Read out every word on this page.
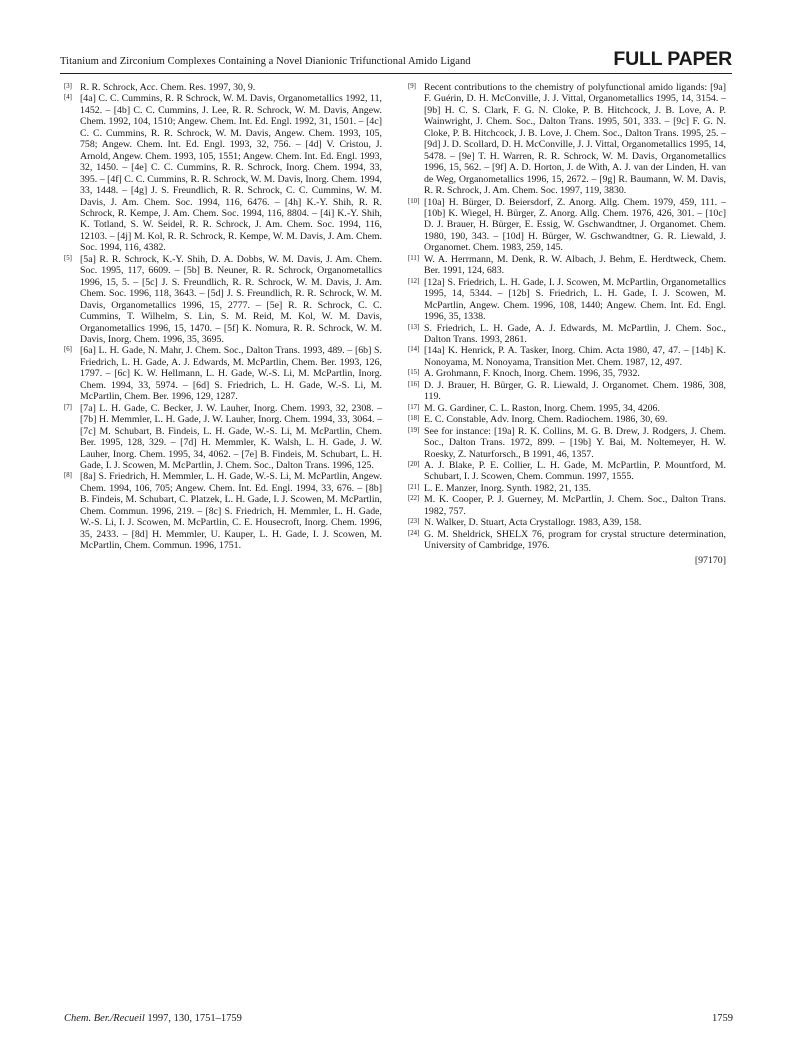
Titanium and Zirconium Complexes Containing a Novel Dianionic Trifunctional Amido Ligand	FULL PAPER

[3] R. R. Schrock, Acc. Chem. Res. 1997, 30, 9.

[4] [4a] C. C. Cummins, R. R Schrock, W. M. Davis, Organometallics 1992, 11, 1452. – [4b] C. C. Cummins, J. Lee, R. R. Schrock, W. M. Davis, Angew. Chem. 1992, 104, 1510; Angew. Chem. Int. Ed. Engl. 1992, 31, 1501. – [4c] C. C. Cummins, R. R. Schrock, W. M. Davis, Angew. Chem. 1993, 105, 758; Angew. Chem. Int. Ed. Engl. 1993, 32, 756. – [4d] V. Cristou, J. Arnold, Angew. Chem. 1993, 105, 1551; Angew. Chem. Int. Ed. Engl. 1993, 32, 1450. – [4e] C. C. Cummins, R. R. Schrock, Inorg. Chem. 1994, 33, 395. – [4f] C. C. Cummins, R. R. Schrock, W. M. Davis, Inorg. Chem. 1994, 33, 1448. – [4g] J. S. Freundlich, R. R. Schrock, C. C. Cummins, W. M. Davis, J. Am. Chem. Soc. 1994, 116, 6476. – [4h] K.-Y. Shih, R. R. Schrock, R. Kempe, J. Am. Chem. Soc. 1994, 116, 8804. – [4i] K.-Y. Shih, K. Totland, S. W. Seidel, R. R. Schrock, J. Am. Chem. Soc. 1994, 116, 12103. – [4j] M. Kol, R. R. Schrock, R. Kempe, W. M. Davis, J. Am. Chem. Soc. 1994, 116, 4382.

[5] [5a] R. R. Schrock, K.-Y. Shih, D. A. Dobbs, W. M. Davis, J. Am. Chem. Soc. 1995, 117, 6609. – [5b] B. Neuner, R. R. Schrock, Organometallics 1996, 15, 5. – [5c] J. S. Freundlich, R. R. Schrock, W. M. Davis, J. Am. Chem. Soc. 1996, 118, 3643. – [5d] J. S. Freundlich, R. R. Schrock, W. M. Davis, Organometallics 1996, 15, 2777. – [5e] R. R. Schrock, C. C. Cummins, T. Wilhelm, S. Lin, S. M. Reid, M. Kol, W. M. Davis, Organometallics 1996, 15, 1470. – [5f] K. Nomura, R. R. Schrock, W. M. Davis, Inorg. Chem. 1996, 35, 3695.

[6] [6a] L. H. Gade, N. Mahr, J. Chem. Soc., Dalton Trans. 1993, 489. – [6b] S. Friedrich, L. H. Gade, A. J. Edwards, M. McPartlin, Chem. Ber. 1993, 126, 1797. – [6c] K. W. Hellmann, L. H. Gade, W.-S. Li, M. McPartlin, Inorg. Chem. 1994, 33, 5974. – [6d] S. Friedrich, L. H. Gade, W.-S. Li, M. McPartlin, Chem. Ber. 1996, 129, 1287.

[7] [7a] L. H. Gade, C. Becker, J. W. Lauher, Inorg. Chem. 1993, 32, 2308. – [7b] H. Memmler, L. H. Gade, J. W. Lauher, Inorg. Chem. 1994, 33, 3064. – [7c] M. Schubart, B. Findeis, L. H. Gade, W.-S. Li, M. McPartlin, Chem. Ber. 1995, 128, 329. – [7d] H. Memmler, K. Walsh, L. H. Gade, J. W. Lauher, Inorg. Chem. 1995, 34, 4062. – [7e] B. Findeis, M. Schubart, L. H. Gade, I. J. Scowen, M. McPartlin, J. Chem. Soc., Dalton Trans. 1996, 125.

[8] [8a] S. Friedrich, H. Memmler, L. H. Gade, W.-S. Li, M. McPartlin, Angew. Chem. 1994, 106, 705; Angew. Chem. Int. Ed. Engl. 1994, 33, 676. – [8b] B. Findeis, M. Schubart, C. Platzek, L. H. Gade, I. J. Scowen, M. McPartlin, Chem. Commun. 1996, 219. – [8c] S. Friedrich, H. Memmler, L. H. Gade, W.-S. Li, I. J. Scowen, M. McPartlin, C. E. Housecroft, Inorg. Chem. 1996, 35, 2433. – [8d] H. Memmler, U. Kauper, L. H. Gade, I. J. Scowen, M. McPartlin, Chem. Commun. 1996, 1751.

[9] Recent contributions to the chemistry of polyfunctional amido ligands: [9a] F. Guérin, D. H. McConville, J. J. Vittal, Organometallics 1995, 14, 3154. – [9b] H. C. S. Clark, F. G. N. Cloke, P. B. Hitchcock, J. B. Love, A. P. Wainwright, J. Chem. Soc., Dalton Trans. 1995, 501, 333. – [9c] F. G. N. Cloke, P. B. Hitchcock, J. B. Love, J. Chem. Soc., Dalton Trans. 1995, 25. – [9d] J. D. Scollard, D. H. McConville, J. J. Vittal, Organometallics 1995, 14, 5478. – [9e] T. H. Warren, R. R. Schrock, W. M. Davis, Organometallics 1996, 15, 562. – [9f] A. D. Horton, J. de With, A. J. van der Linden, H. van de Weg, Organometallics 1996, 15, 2672. – [9g] R. Baumann, W. M. Davis, R. R. Schrock, J. Am. Chem. Soc. 1997, 119, 3830.

[10] [10a] H. Bürger, D. Beiersdorf, Z. Anorg. Allg. Chem. 1979, 459, 111. – [10b] K. Wiegel, H. Bürger, Z. Anorg. Allg. Chem. 1976, 426, 301. – [10c] D. J. Brauer, H. Bürger, E. Essig, W. Gschwandtner, J. Organomet. Chem. 1980, 190, 343. – [10d] H. Bürger, W. Gschwandtner, G. R. Liewald, J. Organomet. Chem. 1983, 259, 145.

[11] W. A. Herrmann, M. Denk, R. W. Albach, J. Behm, E. Herdtweck, Chem. Ber. 1991, 124, 683.

[12] [12a] S. Friedrich, L. H. Gade, I. J. Scowen, M. McPartlin, Organometallics 1995, 14, 5344. – [12b] S. Friedrich, L. H. Gade, I. J. Scowen, M. McPartlin, Angew. Chem. 1996, 108, 1440; Angew. Chem. Int. Ed. Engl. 1996, 35, 1338.

[13] S. Friedrich, L. H. Gade, A. J. Edwards, M. McPartlin, J. Chem. Soc., Dalton Trans. 1993, 2861.

[14] [14a] K. Henrick, P. A. Tasker, Inorg. Chim. Acta 1980, 47, 47. – [14b] K. Nonoyama, M. Nonoyama, Transition Met. Chem. 1987, 12, 497.

[15] A. Grohmann, F. Knoch, Inorg. Chem. 1996, 35, 7932.

[16] D. J. Brauer, H. Bürger, G. R. Liewald, J. Organomet. Chem. 1986, 308, 119.

[17] M. G. Gardiner, C. L. Raston, Inorg. Chem. 1995, 34, 4206.

[18] E. C. Constable, Adv. Inorg. Chem. Radiochem. 1986, 30, 69.

[19] See for instance: [19a] R. K. Collins, M. G. B. Drew, J. Rodgers, J. Chem. Soc., Dalton Trans. 1972, 899. – [19b] Y. Bai, M. Noltemeyer, H. W. Roesky, Z. Naturforsch., B 1991, 46, 1357.

[20] A. J. Blake, P. E. Collier, L. H. Gade, M. McPartlin, P. Mountford, M. Schubart, I. J. Scowen, Chem. Commun. 1997, 1555.

[21] L. E. Manzer, Inorg. Synth. 1982, 21, 135.

[22] M. K. Cooper, P. J. Guerney, M. McPartlin, J. Chem. Soc., Dalton Trans. 1982, 757.

[23] N. Walker, D. Stuart, Acta Crystallogr. 1983, A39, 158.

[24] G. M. Sheldrick, SHELX 76, program for crystal structure determination, University of Cambridge, 1976.

[97170]
Chem. Ber./Recueil 1997, 130, 1751–1759	1759
